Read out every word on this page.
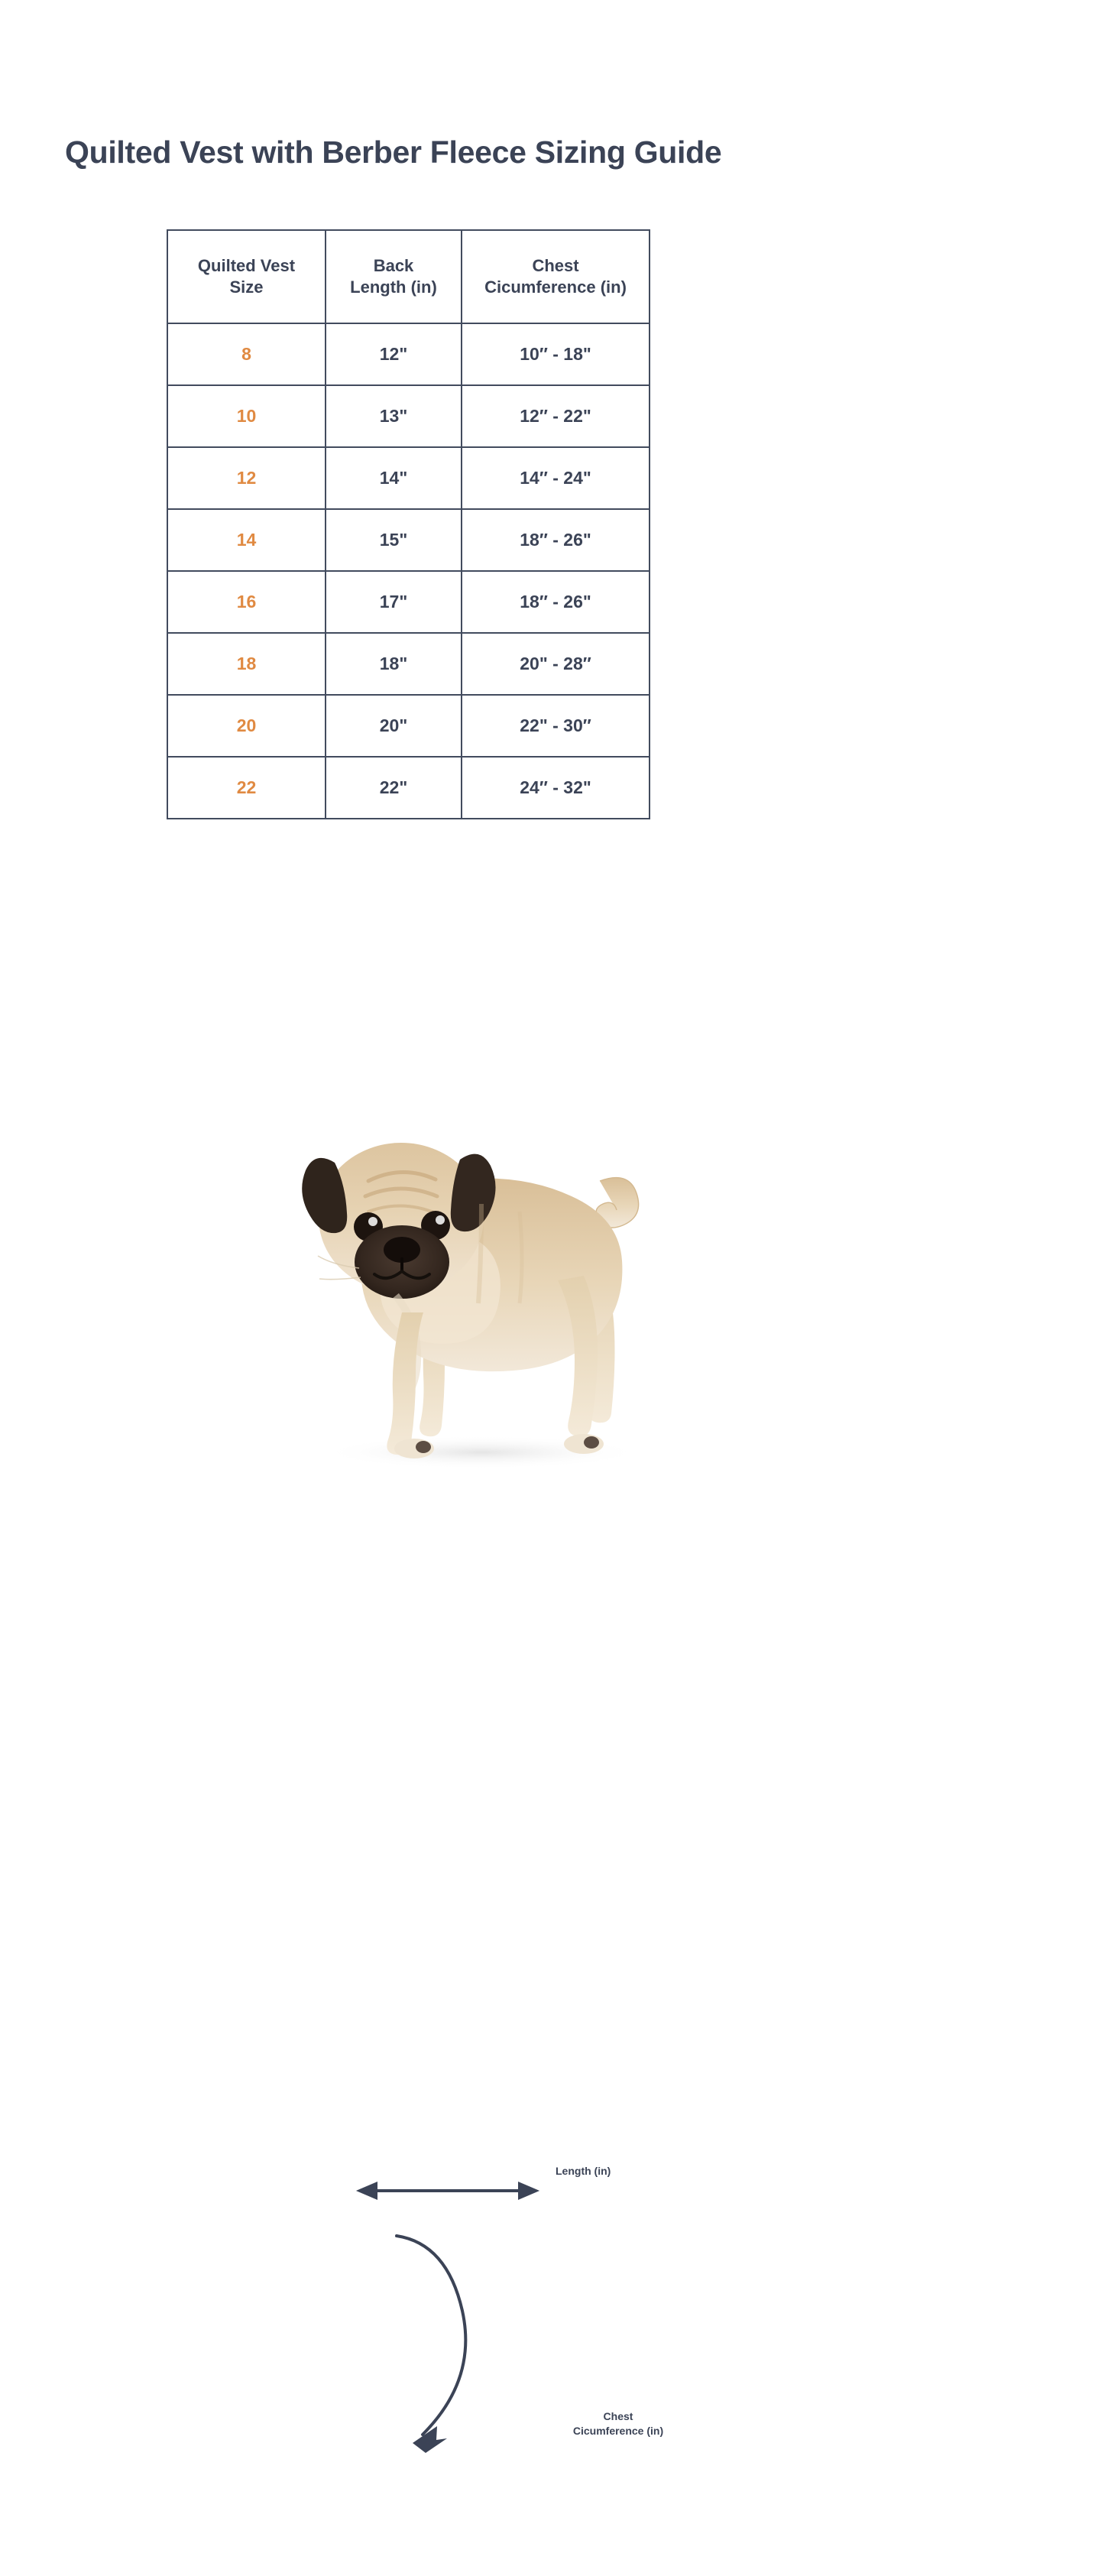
Quilted Vest with Berber Fleece Sizing Guide
Quilted Vest
Size

Back
Length (in)

Chest
Cicumference (in)

8	12"	10″ - 18"
10	13"	12″ - 22"
12	14"	14″ - 24"
14	15"	18″ - 26"
16	17"	18″ - 26"
18	18"	20" - 28″
20	20"	22" - 30″
22	22"	24″ - 32"
Length (in)
Chest
Cicumference (in)
